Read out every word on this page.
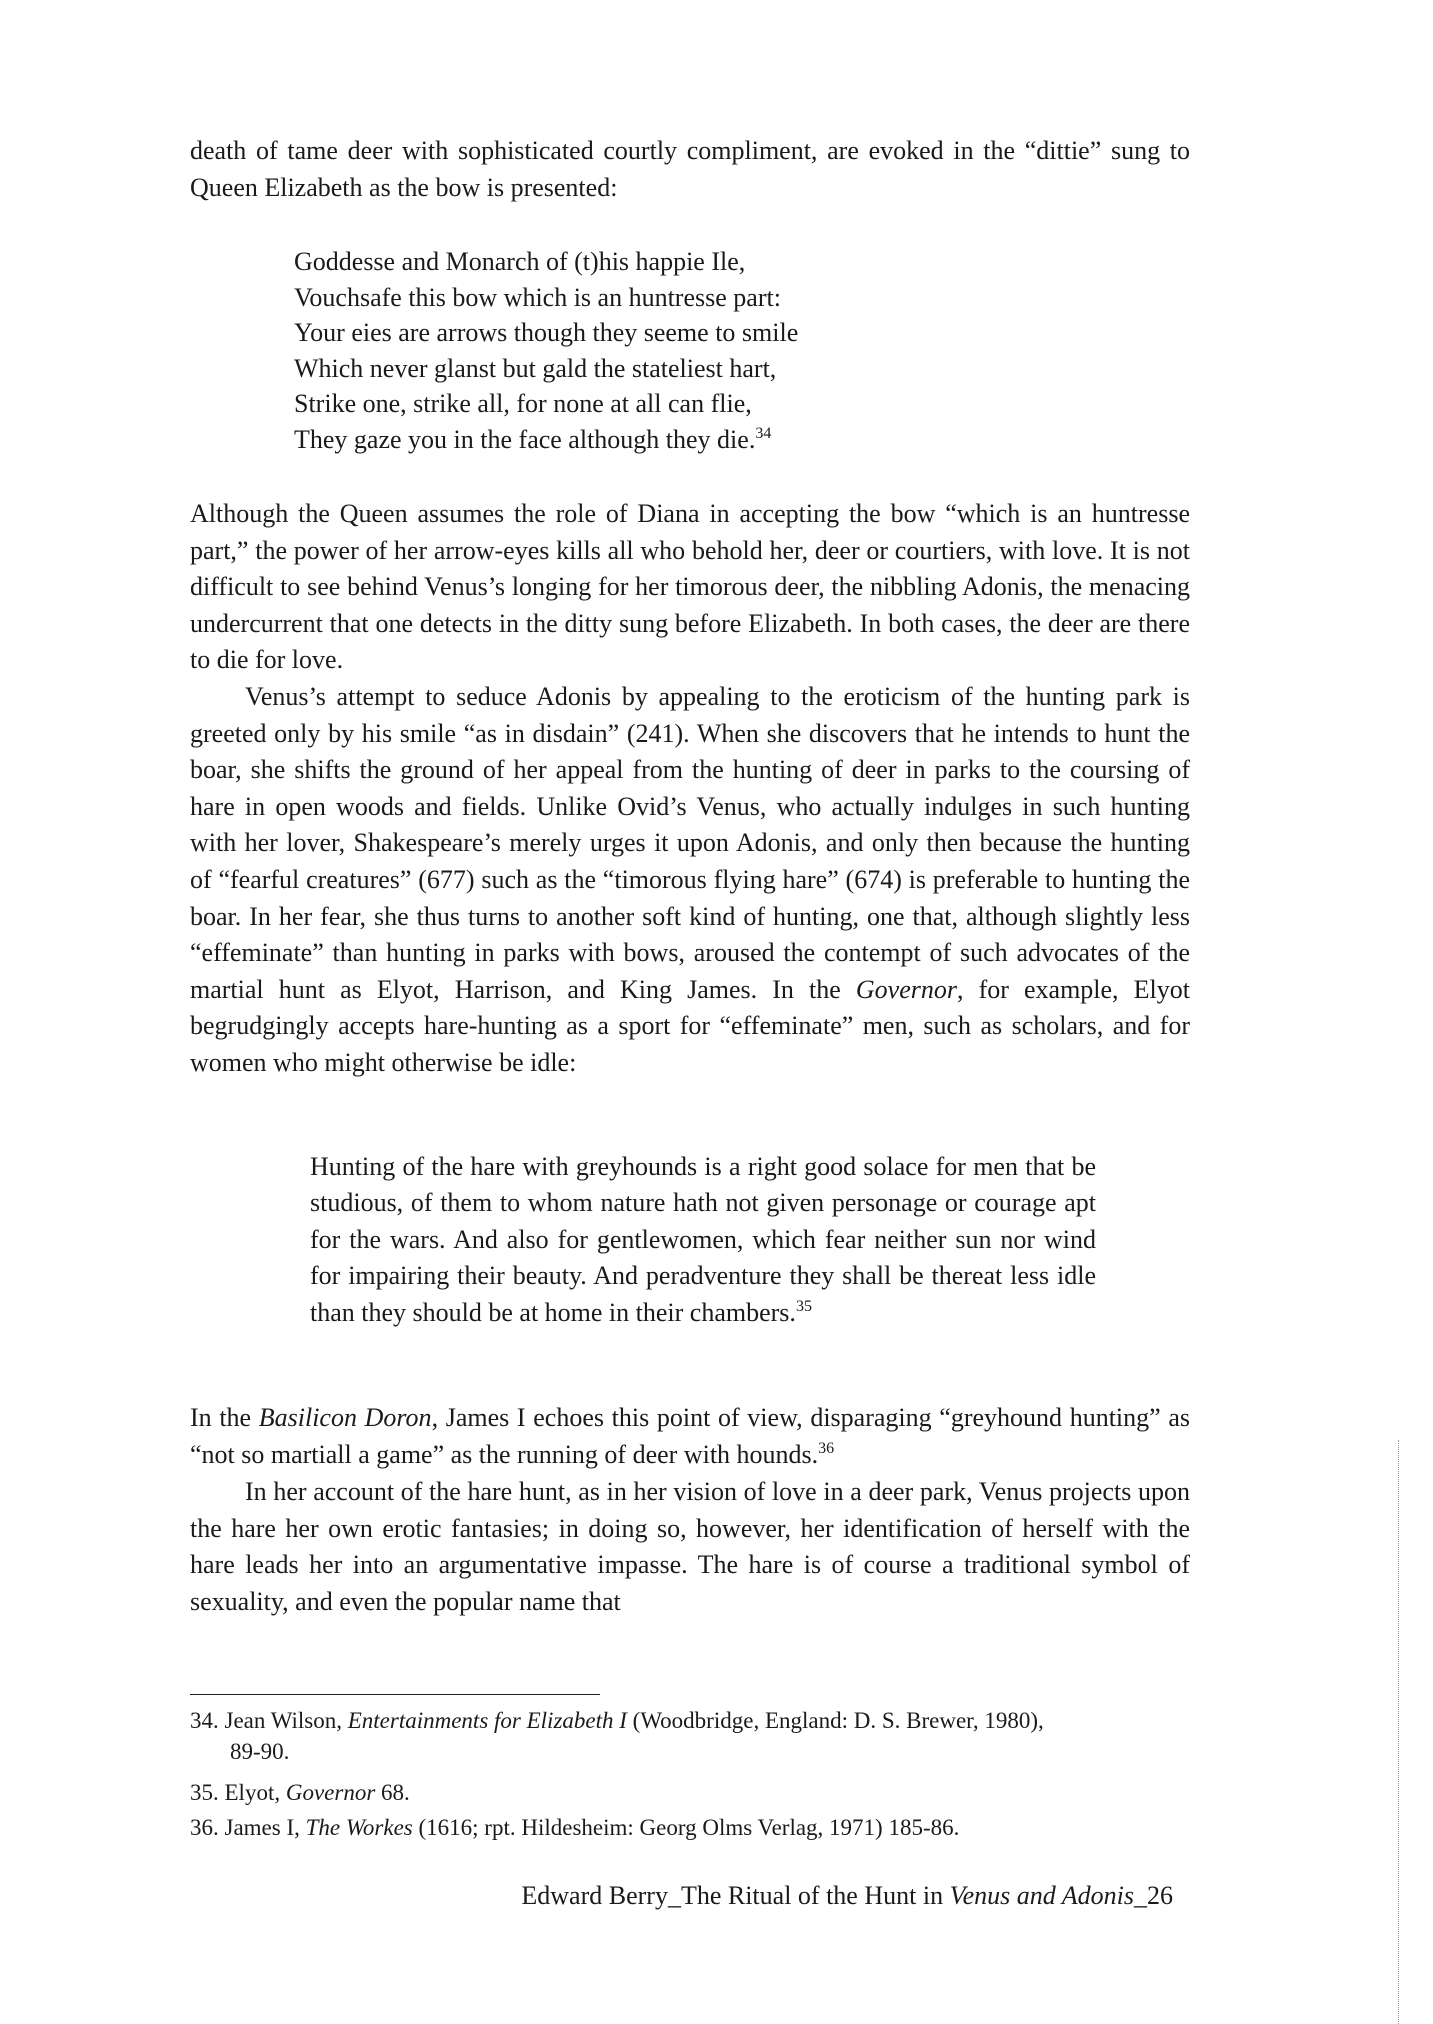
death of tame deer with sophisticated courtly compliment, are evoked in the “dittie” sung to Queen Elizabeth as the bow is presented:

Goddesse and Monarch of (t)his happie Ile,
Vouchsafe this bow which is an huntresse part:
Your eies are arrows though they seeme to smile
Which never glanst but gald the stateliest hart,
Strike one, strike all, for none at all can flie,
They gaze you in the face although they die.$^{34}$

Although the Queen assumes the role of Diana in accepting the bow “which is an huntresse part,” the power of her arrow-eyes kills all who behold her, deer or courtiers, with love. It is not difficult to see behind Venus’s longing for her timorous deer, the nibbling Adonis, the menacing undercurrent that one detects in the ditty sung before Elizabeth. In both cases, the deer are there to die for love.

Venus’s attempt to seduce Adonis by appealing to the eroticism of the hunting park is greeted only by his smile “as in disdain” (241). When she discovers that he intends to hunt the boar, she shifts the ground of her appeal from the hunting of deer in parks to the coursing of hare in open woods and fields. Unlike Ovid’s Venus, who actually indulges in such hunting with her lover, Shakespeare’s merely urges it upon Adonis, and only then because the hunting of “fearful creatures” (677) such as the “timorous flying hare” (674) is preferable to hunting the boar. In her fear, she thus turns to another soft kind of hunting, one that, although slightly less “effeminate” than hunting in parks with bows, aroused the contempt of such advocates of the martial hunt as Elyot, Harrison, and King James. In the Governor, for example, Elyot begrudgingly accepts hare-hunting as a sport for “effeminate” men, such as scholars, and for women who might otherwise be idle:

Hunting of the hare with greyhounds is a right good solace for men that be studious, of them to whom nature hath not given personage or courage apt for the wars. And also for gentlewomen, which fear neither sun nor wind for impairing their beauty. And peradventure they shall be thereat less idle than they should be at home in their chambers.$^{35}$

In the Basilicon Doron, James I echoes this point of view, disparaging “greyhound hunting” as “not so martiall a game” as the running of deer with hounds.$^{36}$

In her account of the hare hunt, as in her vision of love in a deer park, Venus projects upon the hare her own erotic fantasies; in doing so, however, her identification of herself with the hare leads her into an argumentative impasse. The hare is of course a traditional symbol of sexuality, and even the popular name that

34. Jean Wilson, Entertainments for Elizabeth I (Woodbridge, England: D. S. Brewer, 1980),
89-90.

35. Elyot, Governor 68.

36. James I, The Workes (1616; rpt. Hildesheim: Georg Olms Verlag, 1971) 185-86.

Edward Berry_The Ritual of the Hunt in Venus and Adonis_26
